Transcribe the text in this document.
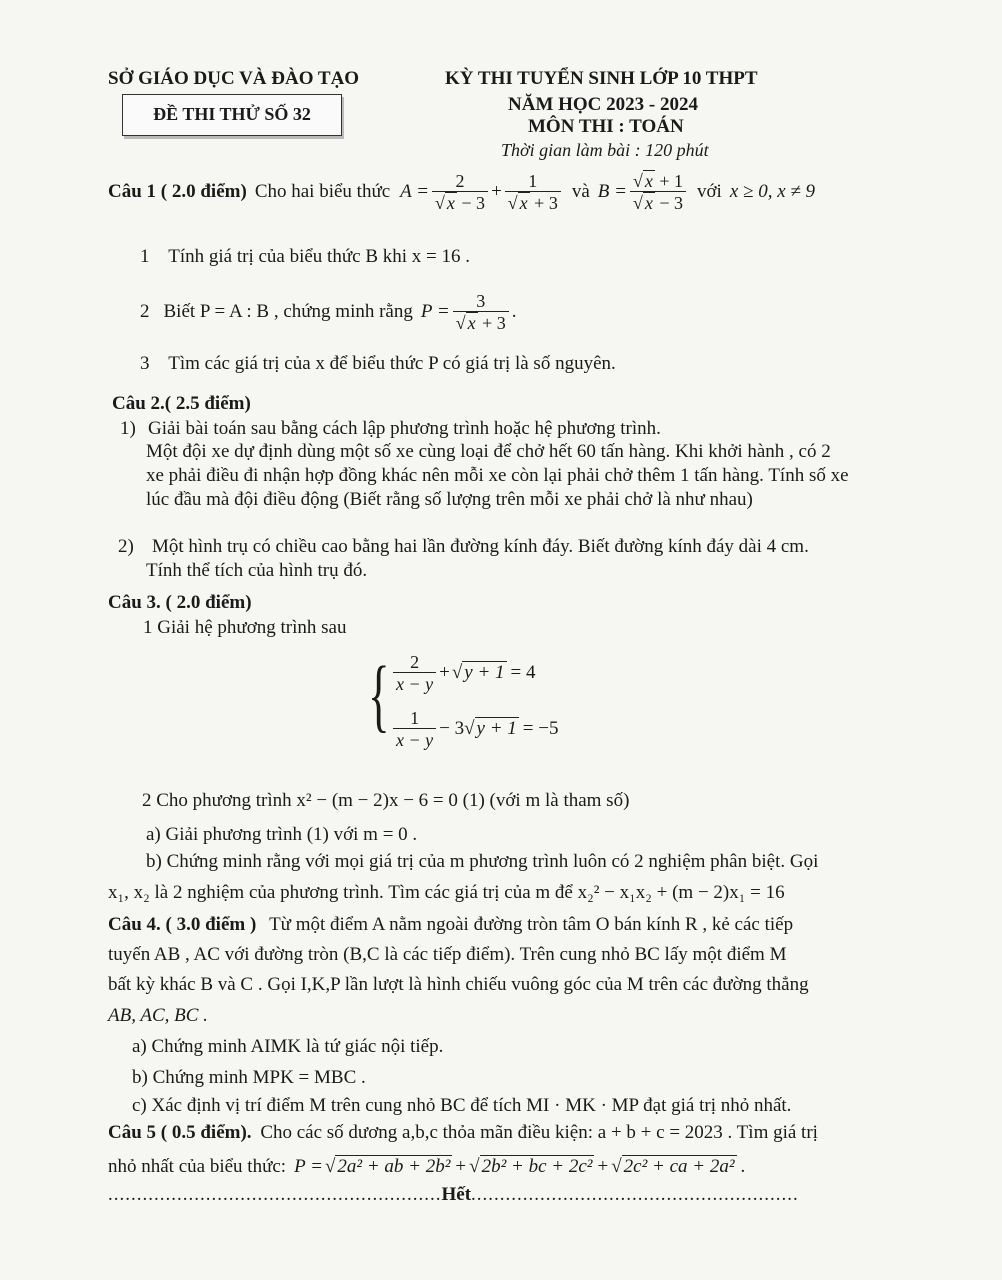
SỞ GIÁO DỤC VÀ ĐÀO TẠO
ĐỀ THI THỬ SỐ 32
KỲ THI TUYỂN SINH LỚP 10 THPT
NĂM HỌC 2023 - 2024
MÔN THI : TOÁN
Thời gian làm bài : 120 phút
Câu 1 ( 2.0 điểm) Cho hai biểu thức $A = \frac{2}{√ x - 3} + \frac{1}{√ x + 3}$ và $B = \frac{√ x + 1}{√ x - 3}$ với x ≥ 0, x ≠ 9
1 Tính giá trị của biểu thức B khi x = 16 .
2 Biết P = A : B , chứng minh rằng $P = \frac{3}{√ x + 3}$ .
3 Tìm các giá trị của x để biểu thức P có giá trị là số nguyên.
Câu 2.( 2.5 điểm)
1) Giải bài toán sau bằng cách lập phương trình hoặc hệ phương trình.
Một đội xe dự định dùng một số xe cùng loại để chở hết 60 tấn hàng. Khi khởi hành , có 2
xe phải điều đi nhận hợp đồng khác nên mỗi xe còn lại phải chở thêm 1 tấn hàng. Tính số xe
lúc đầu mà đội điều động (Biết rằng số lượng trên mỗi xe phải chở là như nhau)
2) Một hình trụ có chiều cao bằng hai lần đường kính đáy. Biết đường kính đáy dài 4 cm.
Tính thể tích của hình trụ đó.
Câu 3. ( 2.0 điểm)
1 Giải hệ phương trình sau
{ $\frac{2}{x - y}$ + √ y + 1 = 4
$\frac{1}{x - y} - 3$ √ y + 1 = −5
2 Cho phương trình x² − (m − 2)x − 6 = 0 (1) (với m là tham số)
a) Giải phương trình (1) với m = 0 .
b) Chứng minh rằng với mọi giá trị của m phương trình luôn có 2 nghiệm phân biệt. Gọi
x₁, x₂ là 2 nghiệm của phương trình. Tìm các giá trị của m để x₂² − x₁x₂ + (m − 2)x₁ = 16
Câu 4. ( 3.0 điểm ) Từ một điểm A nằm ngoài đường tròn tâm O bán kính R , kẻ các tiếp
tuyến AB , AC với đường tròn (B,C là các tiếp điểm). Trên cung nhỏ BC lấy một điểm M
bất kỳ khác B và C . Gọi I,K,P lần lượt là hình chiếu vuông góc của M trên các đường thẳng
AB, AC, BC .
a) Chứng minh AIMK là tứ giác nội tiếp.
b) Chứng minh MPK = MBC .
c) Xác định vị trí điểm M trên cung nhỏ BC để tích MI · MK · MP đạt giá trị nhỏ nhất.
Câu 5 ( 0.5 điểm). Cho các số dương a,b,c thỏa mãn điều kiện: a + b + c = 2023 . Tìm giá trị
nhỏ nhất của biểu thức: P = √ 2a² + ab + 2b² + √ 2b² + bc + 2c² + √ 2c² + ca + 2a² .
..........................................................Hết.........................................................
